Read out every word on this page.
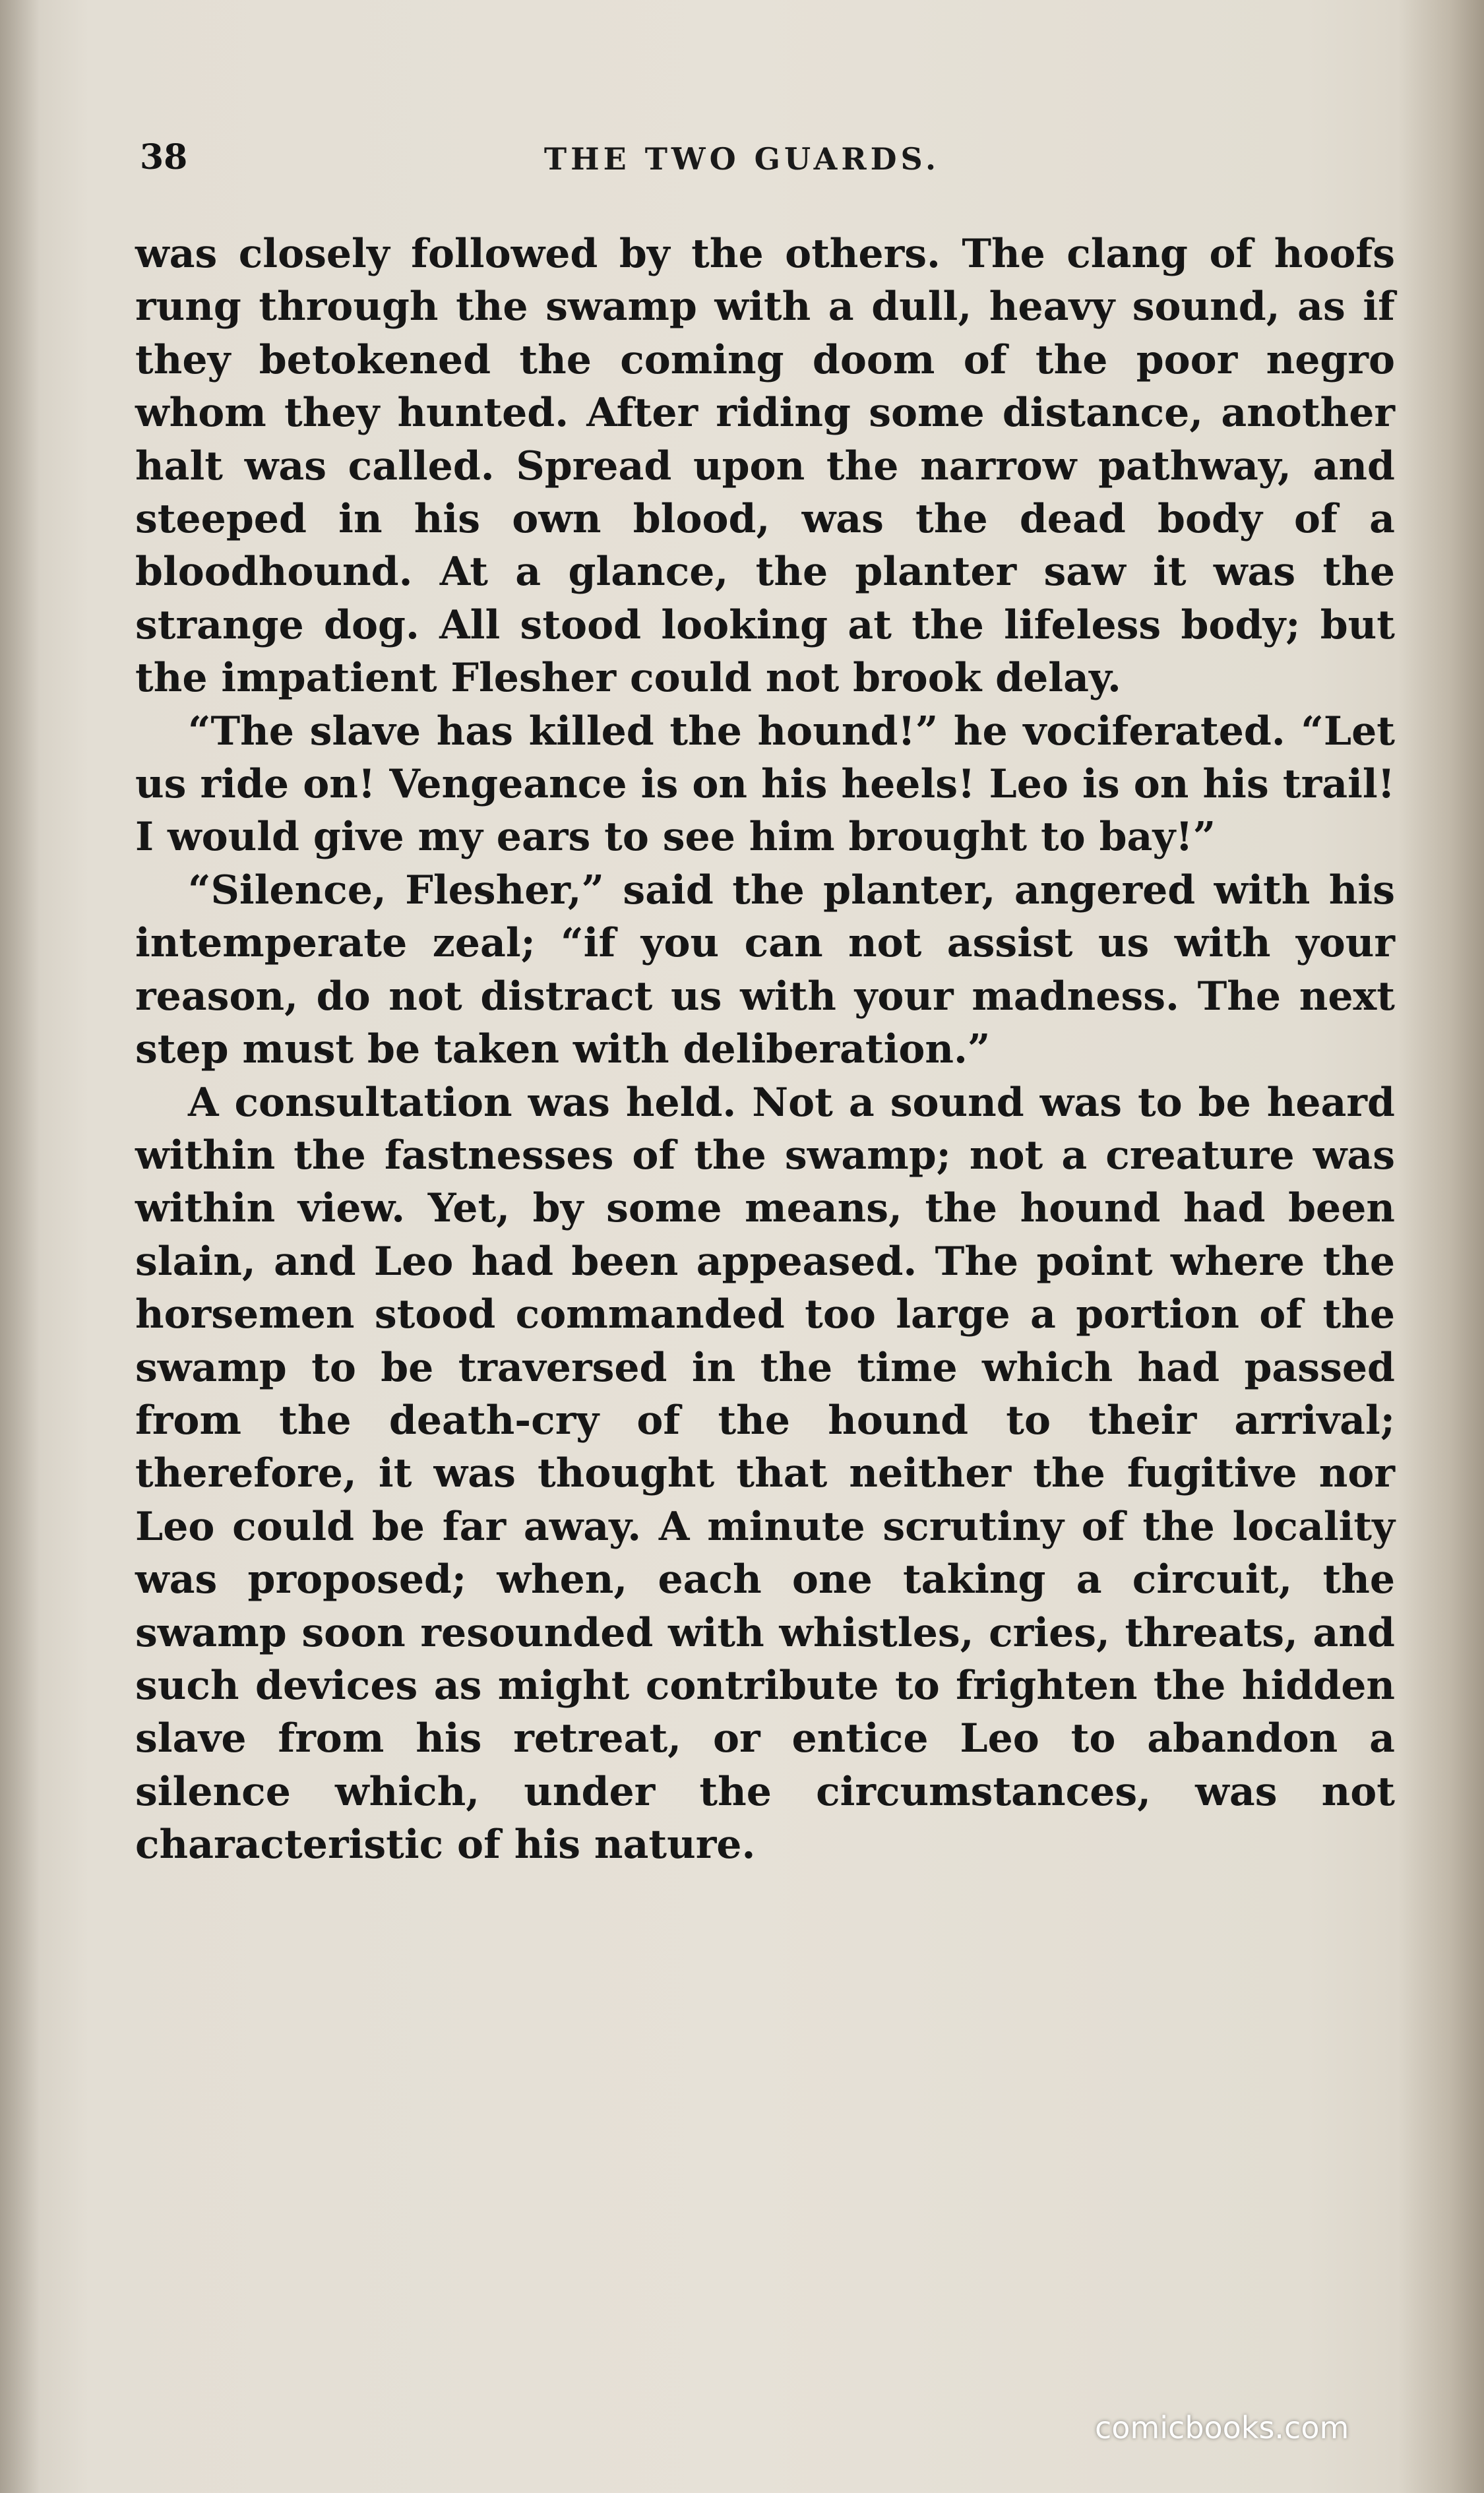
38	THE TWO GUARDS.

was closely followed by the others. The clang of hoofs rung through the swamp with a dull, heavy sound, as if they betokened the coming doom of the poor negro whom they hunted. After riding some distance, another halt was called. Spread upon the narrow pathway, and steeped in his own blood, was the dead body of a bloodhound. At a glance, the planter saw it was the strange dog. All stood looking at the lifeless body; but the impatient Flesher could not brook delay.

“The slave has killed the hound!” he vociferated. “Let us ride on! Vengeance is on his heels! Leo is on his trail! I would give my ears to see him brought to bay!”

“Silence, Flesher,” said the planter, angered with his intemperate zeal; “if you can not assist us with your reason, do not distract us with your madness. The next step must be taken with deliberation.”

A consultation was held. Not a sound was to be heard within the fastnesses of the swamp; not a creature was within view. Yet, by some means, the hound had been slain, and Leo had been appeased. The point where the horsemen stood commanded too large a portion of the swamp to be traversed in the time which had passed from the death-cry of the hound to their arrival; therefore, it was thought that neither the fugitive nor Leo could be far away. A minute scrutiny of the locality was proposed; when, each one taking a circuit, the swamp soon resounded with whistles, cries, threats, and such devices as might contribute to frighten the hidden slave from his retreat, or entice Leo to abandon a silence which, under the circumstances, was not characteristic of his nature.

comicbooks.com
